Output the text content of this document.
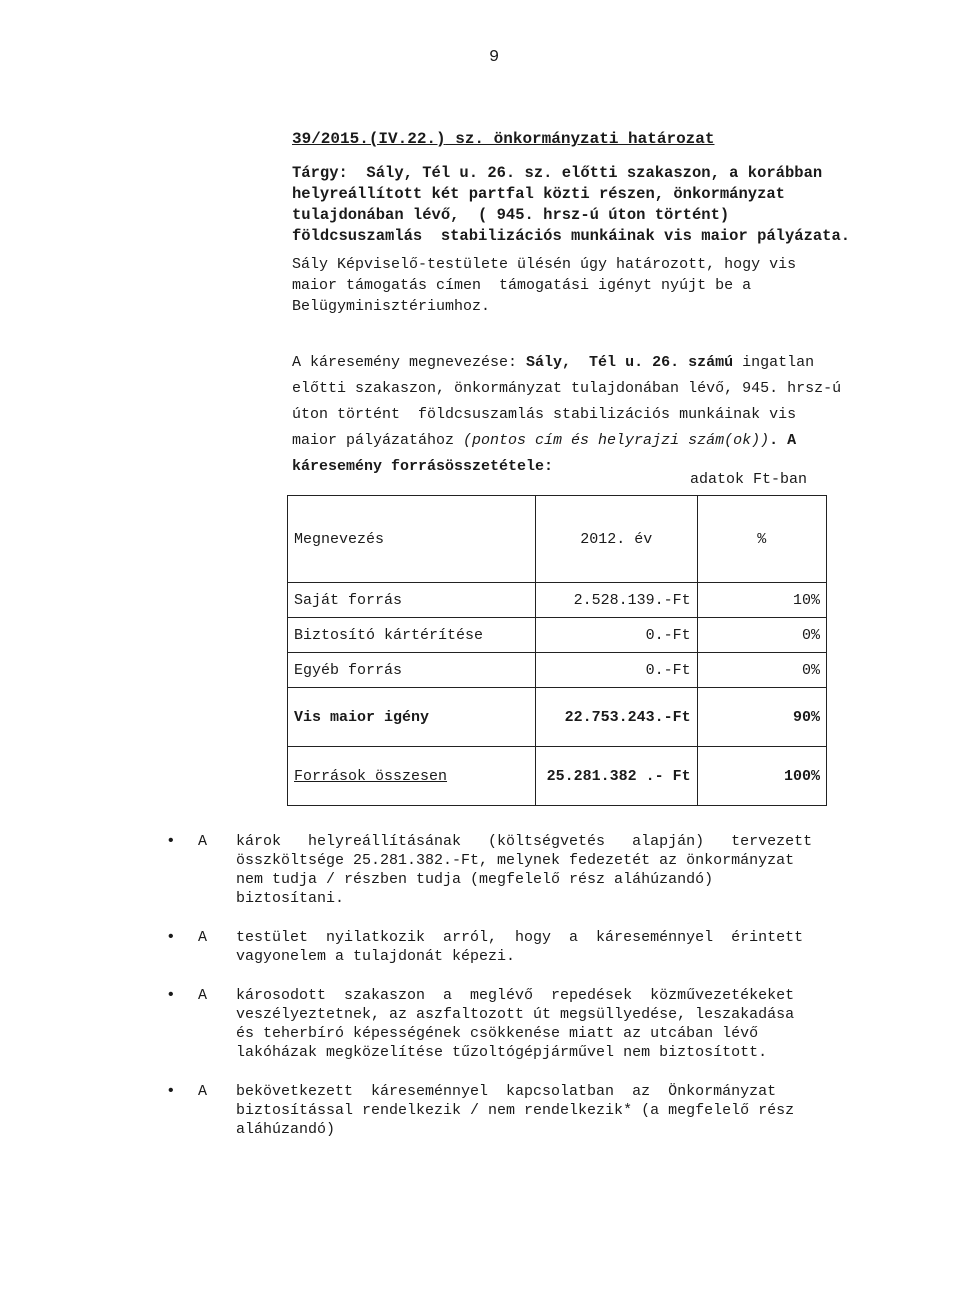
9
39/2015.(IV.22.) sz. önkormányzati határozat
Tárgy:  Sály, Tél u. 26. sz. előtti szakaszon, a korábban
helyreállított két partfal közti részen, önkormányzat
tulajdonában lévő,  ( 945. hrsz-ú úton történt)
földcsuszamlás  stabilizációs munkáinak vis maior pályázata.
Sály Képviselő-testülete ülésén úgy határozott, hogy vis
maior támogatás címen  támogatási igényt nyújt be a
Belügyminisztériumhoz.

A káresemény megnevezése: Sály,  Tél u. 26. számú ingatlan
előtti szakaszon, önkormányzat tulajdonában lévő, 945. hrsz-ú
úton történt  földcsuszamlás stabilizációs munkáinak vis
maior pályázatához (pontos cím és helyrajzi szám(ok)). A
káresemény forrásösszetétele:
adatok Ft-ban
Megnevezés	2012. év	%
Saját forrás	2.528.139.-Ft	10%
Biztosító kártérítése	0.-Ft	0%
Egyéb forrás	0.-Ft	0%
Vis maior igény	22.753.243.-Ft	90%
Források összesen	25.281.382 .- Ft	100%
• A károk   helyreállításának   (költségvetés   alapján)   tervezett
összköltsége 25.281.382.-Ft, melynek fedezetét az önkormányzat
nem tudja / részben tudja (megfelelő rész aláhúzandó)
biztosítani.
• A testület  nyilatkozik  arról,  hogy  a  káreseménnyel  érintett
vagyonelem a tulajdonát képezi.
• A károsodott  szakaszon  a  meglévő  repedések  közművezetékeket
veszélyeztetnek, az aszfaltozott út megsüllyedése, leszakadása
és teherbíró képességének csökkenése miatt az utcában lévő
lakóházak megközelítése tűzoltógépjárművel nem biztosított.
• A bekövetkezett  káreseménnyel  kapcsolatban  az  Önkormányzat
biztosítással rendelkezik / nem rendelkezik* (a megfelelő rész
aláhúzandó)
